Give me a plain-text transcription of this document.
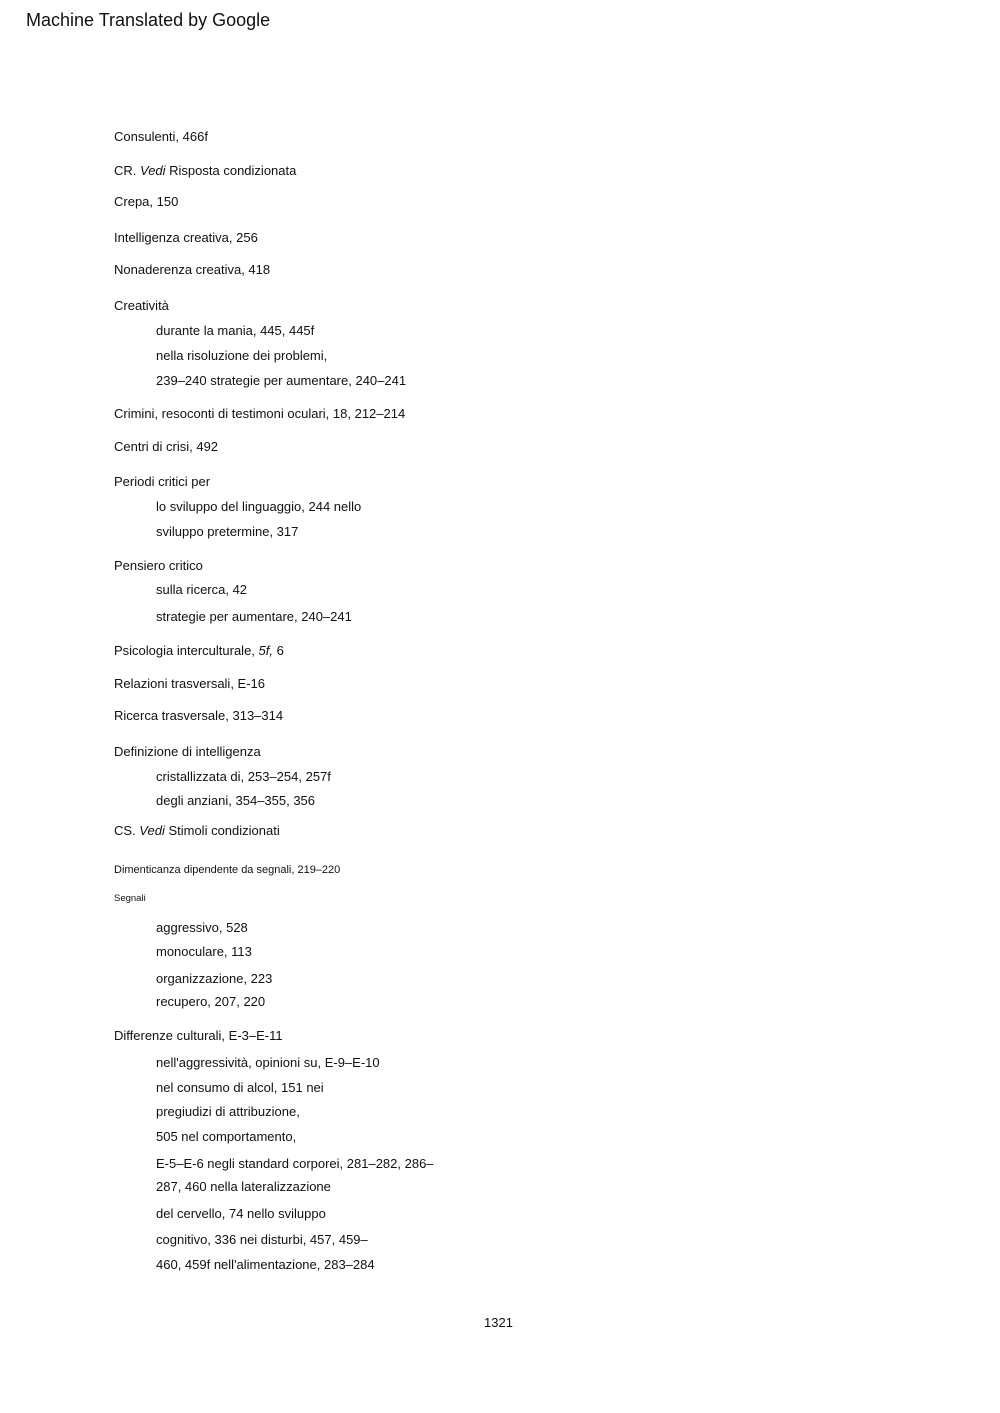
Machine Translated by Google
Consulenti, 466f
CR. Vedi Risposta condizionata
Crepa, 150
Intelligenza creativa, 256
Nonaderenza creativa, 418
Creatività
durante la mania, 445, 445f
nella risoluzione dei problemi,
239–240 strategie per aumentare, 240–241
Crimini, resoconti di testimoni oculari, 18, 212–214
Centri di crisi, 492
Periodi critici per
lo sviluppo del linguaggio, 244 nello
sviluppo pretermine, 317
Pensiero critico
sulla ricerca, 42
strategie per aumentare, 240–241
Psicologia interculturale, 5f, 6
Relazioni trasversali, E-16
Ricerca trasversale, 313–314
Definizione di intelligenza
cristallizzata di, 253–254, 257f
degli anziani, 354–355, 356
CS. Vedi Stimoli condizionati
Dimenticanza dipendente da segnali, 219–220
Segnali
aggressivo, 528
monoculare, 113
organizzazione, 223
recupero, 207, 220
Differenze culturali, E-3–E-11
nell'aggressività, opinioni su, E-9–E-10
nel consumo di alcol, 151 nei
pregiudizi di attribuzione,
505 nel comportamento,
E-5–E-6 negli standard corporei, 281–282, 286–
287, 460 nella lateralizzazione
del cervello, 74 nello sviluppo
cognitivo, 336 nei disturbi, 457, 459–
460, 459f nell'alimentazione, 283–284
1321
